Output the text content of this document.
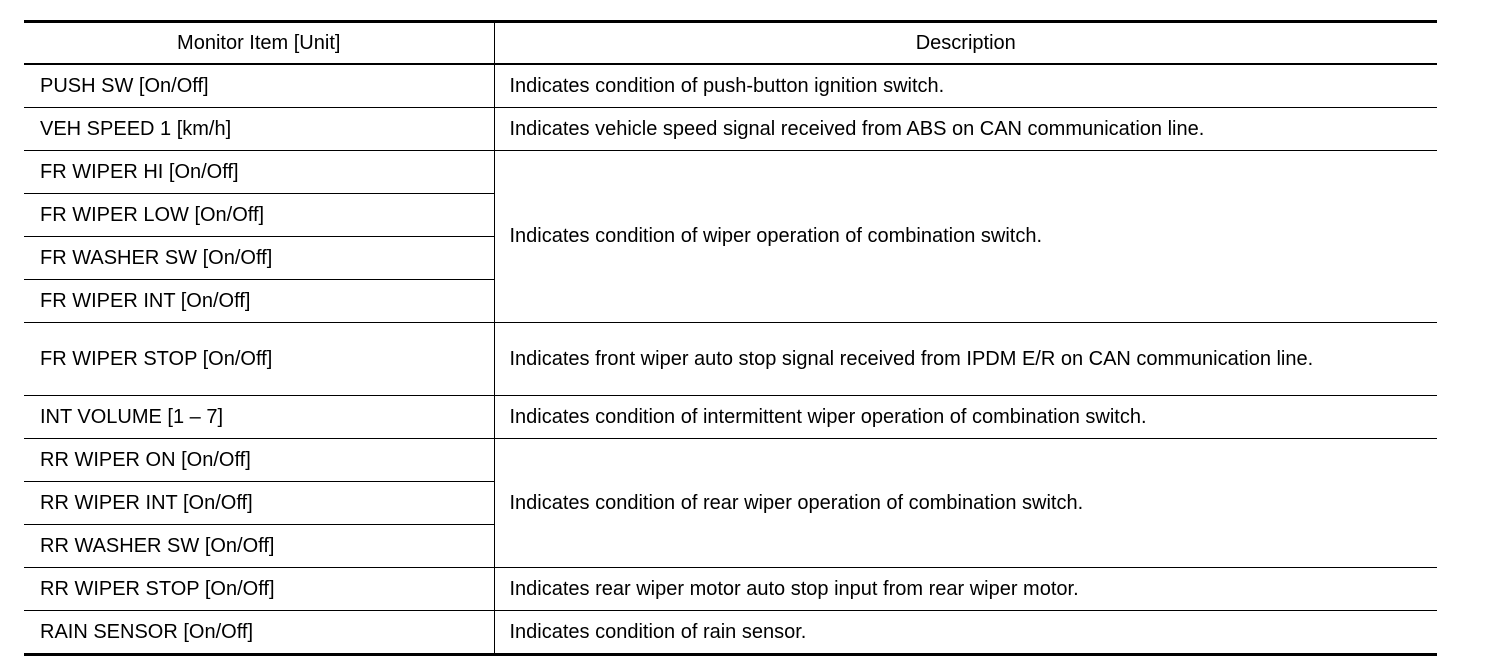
Monitor Item [Unit]	Description
PUSH SW [On/Off]	Indicates condition of push-button ignition switch.
VEH SPEED 1 [km/h]	Indicates vehicle speed signal received from ABS on CAN communication line.
FR WIPER HI [On/Off]	Indicates condition of wiper operation of combination switch.
FR WIPER LOW [On/Off]	
FR WASHER SW [On/Off]	
FR WIPER INT [On/Off]	
FR WIPER STOP [On/Off]	Indicates front wiper auto stop signal received from IPDM E/R on CAN communication line.
INT VOLUME [1 – 7]	Indicates condition of intermittent wiper operation of combination switch.
RR WIPER ON [On/Off]	Indicates condition of rear wiper operation of combination switch.
RR WIPER INT [On/Off]	
RR WASHER SW [On/Off]	
RR WIPER STOP [On/Off]	Indicates rear wiper motor auto stop input from rear wiper motor.
RAIN SENSOR [On/Off]	Indicates condition of rain sensor.
